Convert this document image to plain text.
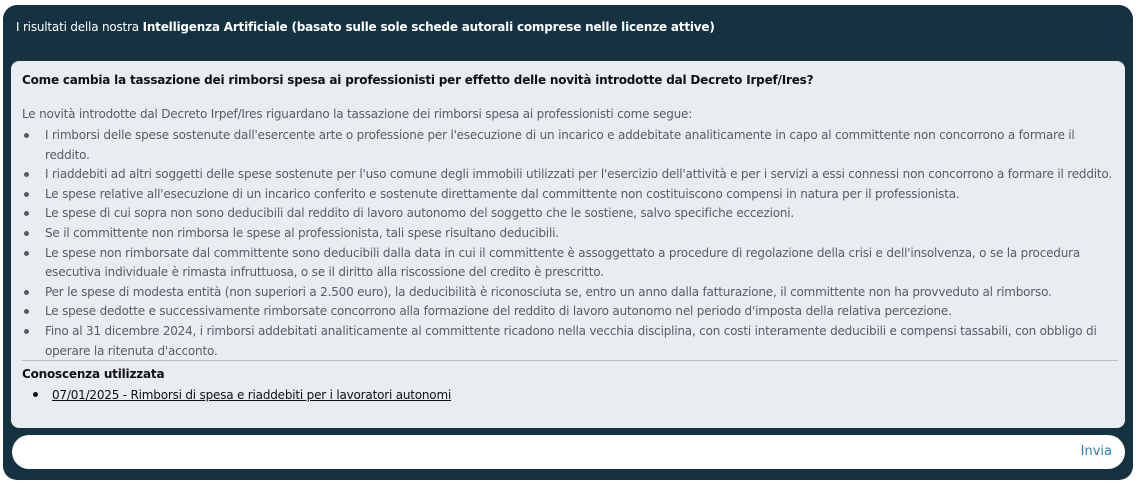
I risultati della nostra Intelligenza Artificiale (basato sulle sole schede autorali comprese nelle licenze attive)
Come cambia la tassazione dei rimborsi spesa ai professionisti per effetto delle novità introdotte dal Decreto Irpef/Ires?
Le novità introdotte dal Decreto Irpef/Ires riguardano la tassazione dei rimborsi spesa ai professionisti come segue:
I rimborsi delle spese sostenute dall'esercente arte o professione per l'esecuzione di un incarico e addebitate analiticamente in capo al committente non concorrono a formare il reddito.
I riaddebiti ad altri soggetti delle spese sostenute per l'uso comune degli immobili utilizzati per l'esercizio dell'attività e per i servizi a essi connessi non concorrono a formare il reddito.
Le spese relative all'esecuzione di un incarico conferito e sostenute direttamente dal committente non costituiscono compensi in natura per il professionista.
Le spese di cui sopra non sono deducibili dal reddito di lavoro autonomo del soggetto che le sostiene, salvo specifiche eccezioni.
Se il committente non rimborsa le spese al professionista, tali spese risultano deducibili.
Le spese non rimborsate dal committente sono deducibili dalla data in cui il committente è assoggettato a procedure di regolazione della crisi e dell'insolvenza, o se la procedura esecutiva individuale è rimasta infruttuosa, o se il diritto alla riscossione del credito è prescritto.
Per le spese di modesta entità (non superiori a 2.500 euro), la deducibilità è riconosciuta se, entro un anno dalla fatturazione, il committente non ha provveduto al rimborso.
Le spese dedotte e successivamente rimborsate concorrono alla formazione del reddito di lavoro autonomo nel periodo d'imposta della relativa percezione.
Fino al 31 dicembre 2024, i rimborsi addebitati analiticamente al committente ricadono nella vecchia disciplina, con costi interamente deducibili e compensi tassabili, con obbligo di operare la ritenuta d'acconto.
Conoscenza utilizzata
07/01/2025 - Rimborsi di spesa e riaddebiti per i lavoratori autonomi
Invia
